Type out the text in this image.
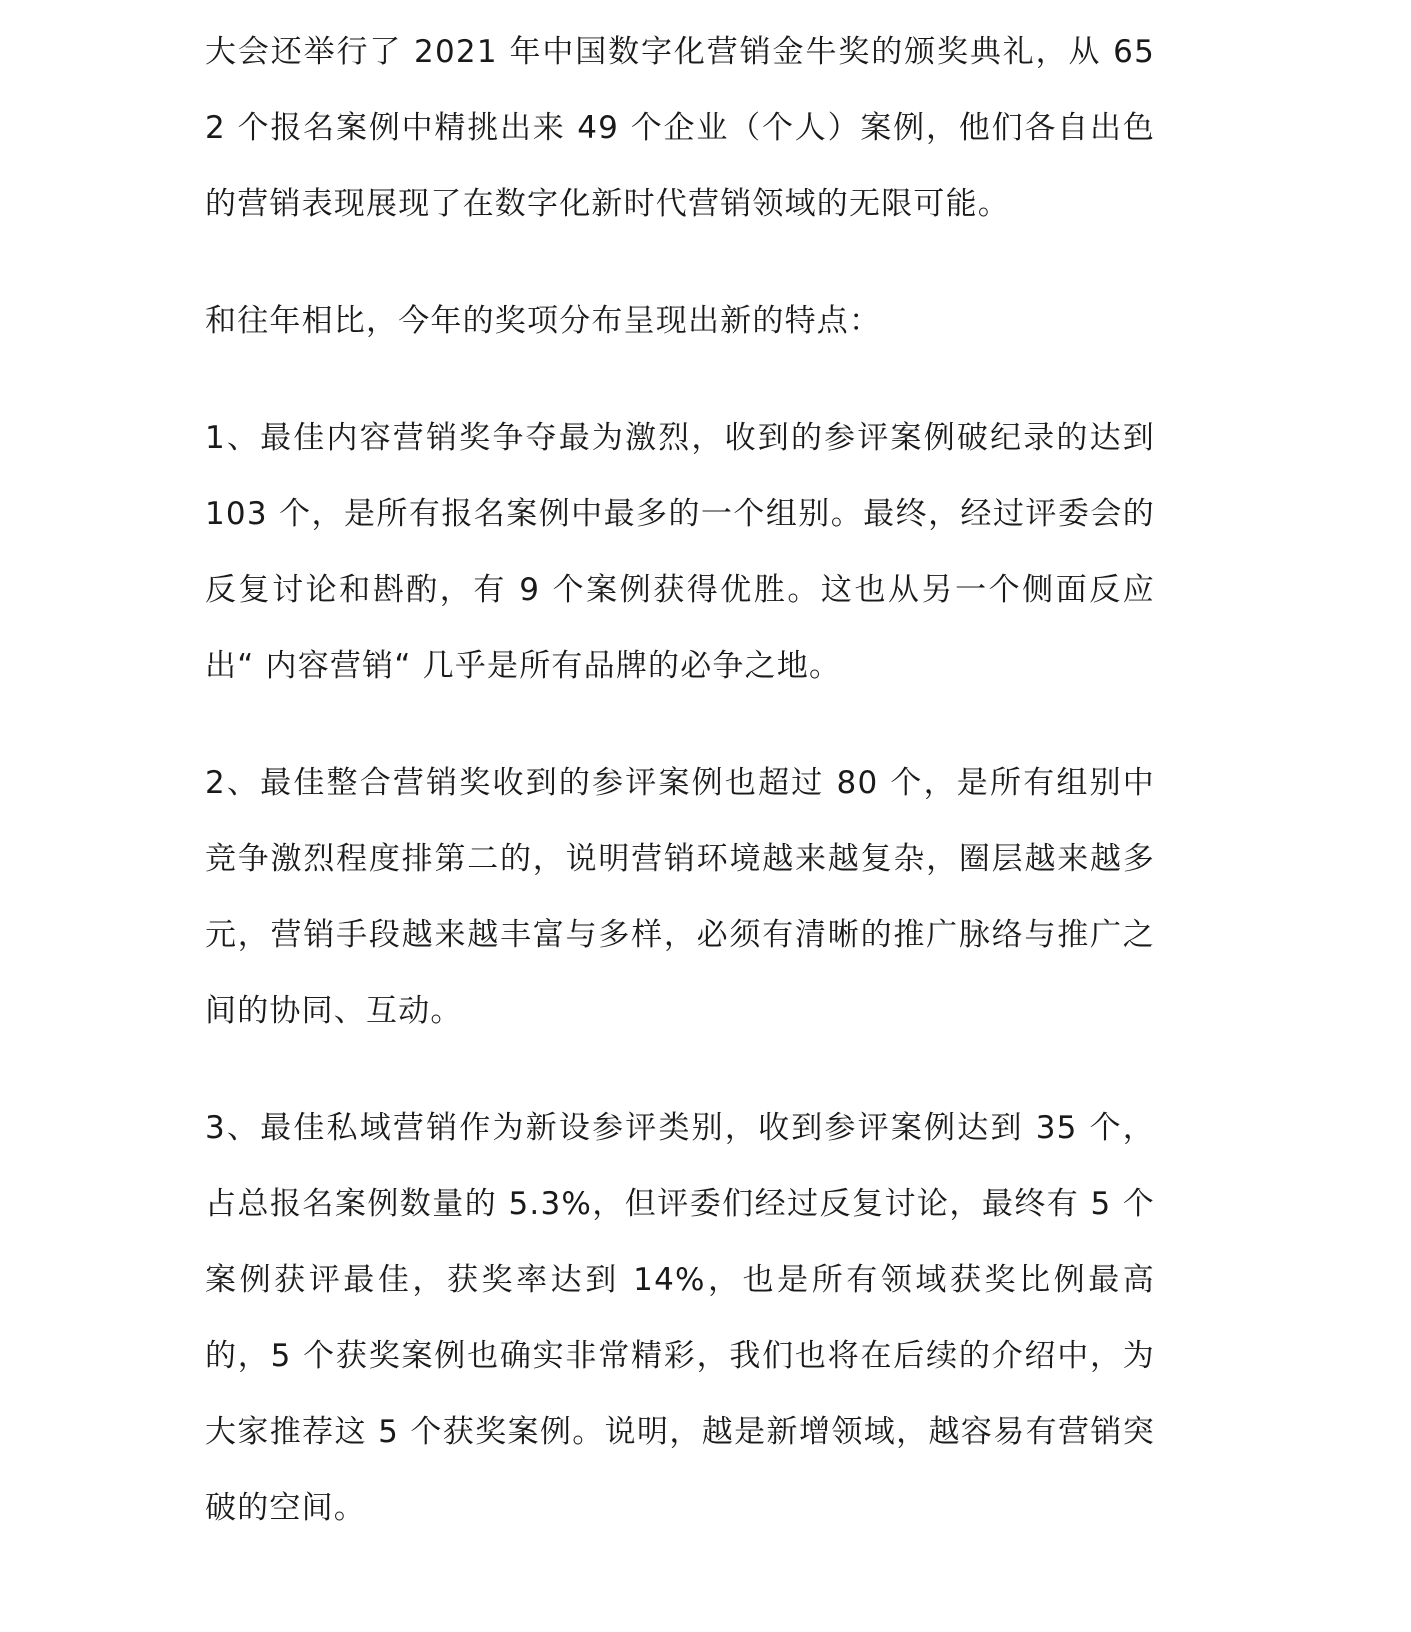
大会还举行了 2021 年中国数字化营销金牛奖的颁奖典礼，从 652 个报名案例中精挑出来 49 个企业（个人）案例，他们各自出色的营销表现展现了在数字化新时代营销领域的无限可能。

和往年相比，今年的奖项分布呈现出新的特点：

1、最佳内容营销奖争夺最为激烈，收到的参评案例破纪录的达到 103 个，是所有报名案例中最多的一个组别。最终，经过评委会的反复讨论和斟酌，有 9 个案例获得优胜。这也从另一个侧面反应出“ 内容营销“ 几乎是所有品牌的必争之地。

2、最佳整合营销奖收到的参评案例也超过 80 个，是所有组别中竞争激烈程度排第二的，说明营销环境越来越复杂，圈层越来越多元，营销手段越来越丰富与多样，必须有清晰的推广脉络与推广之间的协同、互动。

3、最佳私域营销作为新设参评类别，收到参评案例达到 35 个，占总报名案例数量的 5.3%，但评委们经过反复讨论，最终有 5 个案例获评最佳，获奖率达到 14%，也是所有领域获奖比例最高的，5 个获奖案例也确实非常精彩，我们也将在后续的介绍中，为大家推荐这 5 个获奖案例。说明，越是新增领域，越容易有营销突破的空间。
